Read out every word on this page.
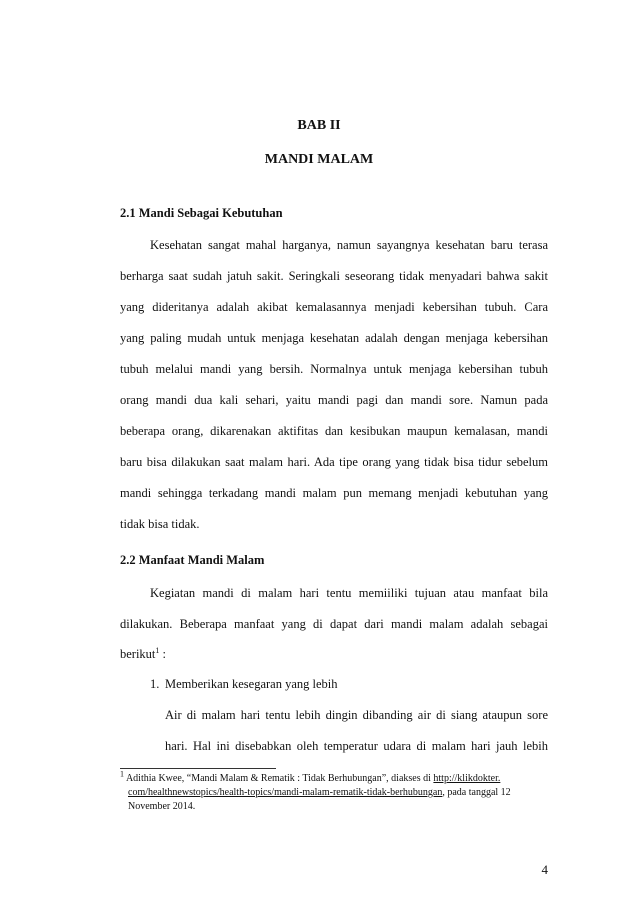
BAB II
MANDI MALAM
2.1 Mandi Sebagai Kebutuhan
Kesehatan sangat mahal harganya, namun sayangnya kesehatan baru terasa
berharga saat sudah jatuh sakit. Seringkali seseorang tidak menyadari bahwa sakit
yang dideritanya adalah akibat kemalasannya menjadi kebersihan tubuh. Cara
yang paling mudah untuk menjaga kesehatan adalah dengan menjaga kebersihan
tubuh melalui mandi yang bersih. Normalnya untuk menjaga kebersihan tubuh
orang mandi dua kali sehari, yaitu mandi pagi dan mandi sore. Namun pada
beberapa orang, dikarenakan aktifitas dan kesibukan maupun kemalasan, mandi
baru bisa dilakukan saat malam hari. Ada tipe orang yang tidak bisa tidur sebelum
mandi sehingga terkadang mandi malam pun memang menjadi kebutuhan yang
tidak bisa tidak.
2.2 Manfaat Mandi Malam
Kegiatan mandi di malam hari tentu memiiliki tujuan atau manfaat bila
dilakukan. Beberapa manfaat yang di dapat dari mandi malam adalah sebagai
berikut$^1$ :
1. Memberikan kesegaran yang lebih
Air di malam hari tentu lebih dingin dibanding air di siang ataupun sore
hari. Hal ini disebabkan oleh temperatur udara di malam hari jauh lebih
$^1$ Adithia Kwee, “Mandi Malam & Rematik : Tidak Berhubungan”, diakses di http://klikdokter.
com/healthnewstopics/health-topics/mandi-malam-rematik-tidak-berhubungan, pada tanggal 12
November 2014.
4
